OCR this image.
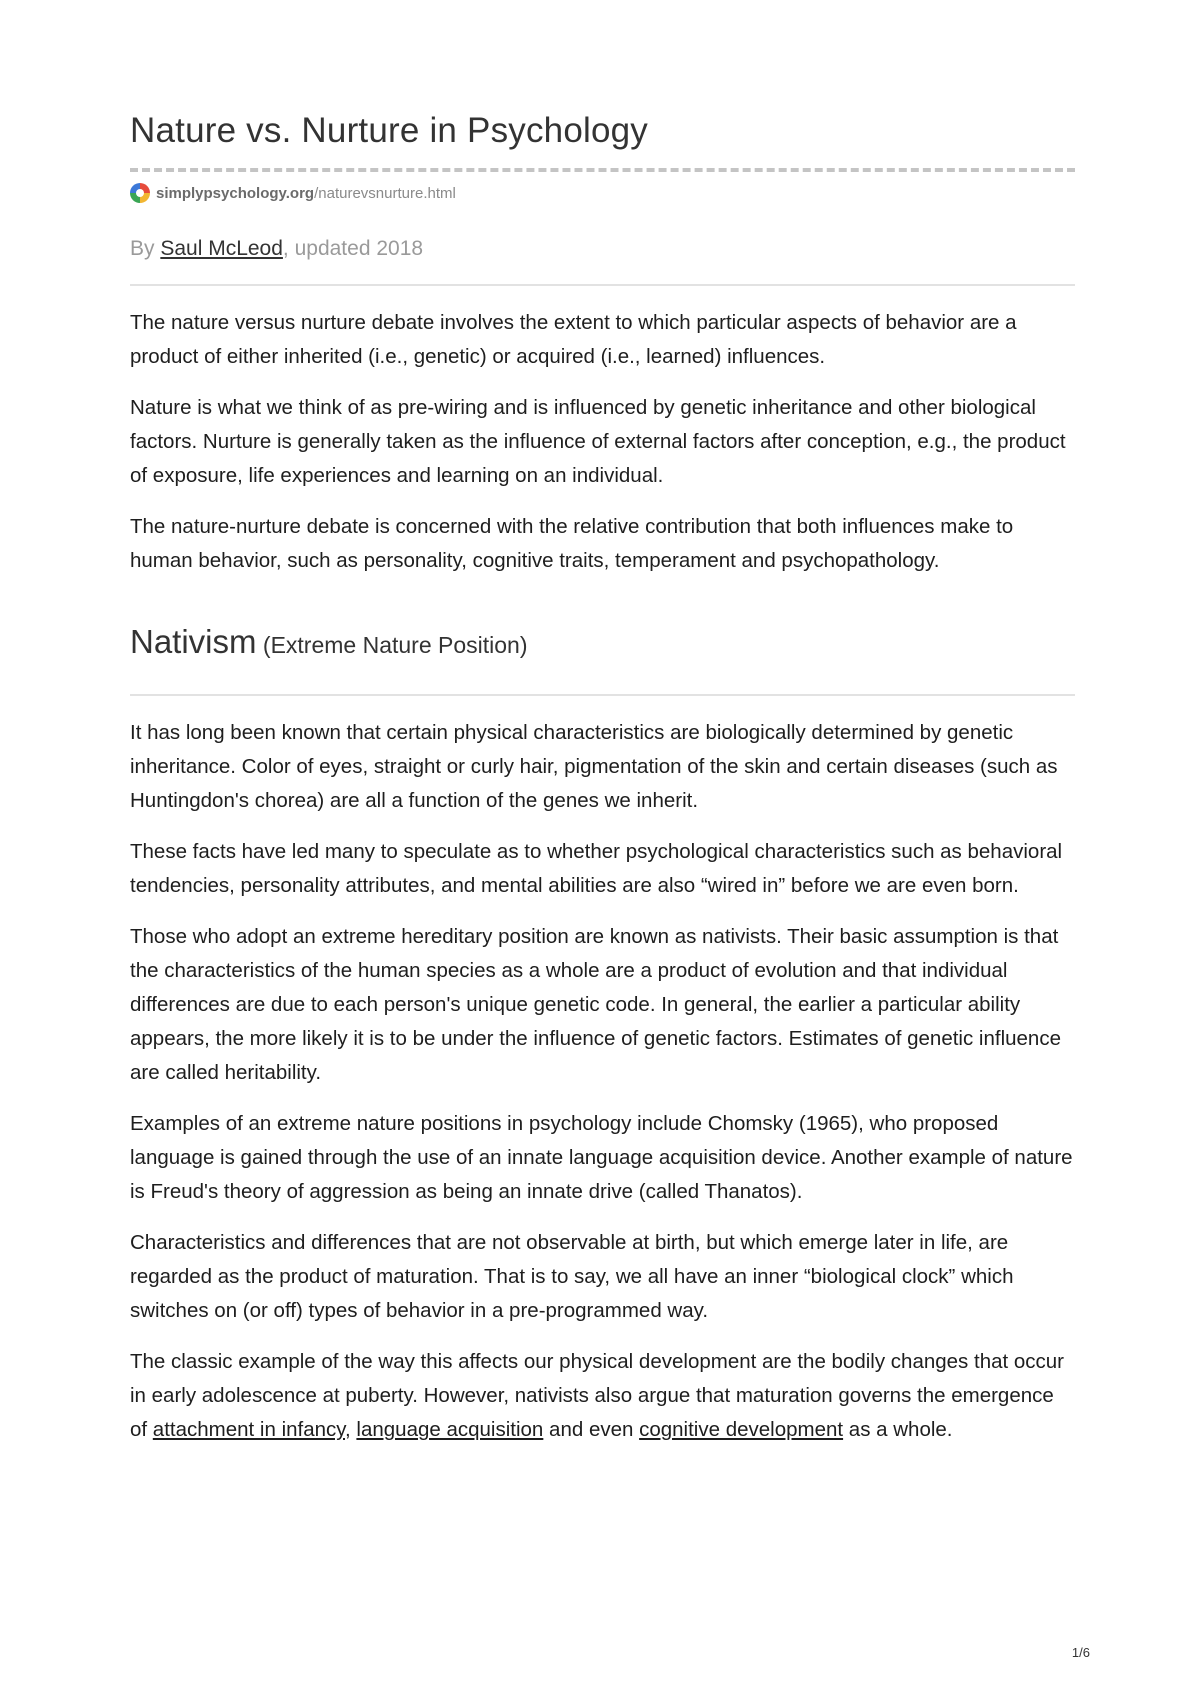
Nature vs. Nurture in Psychology
simplypsychology.org /naturevsnurture.html
By Saul McLeod, updated 2018

The nature versus nurture debate involves the extent to which particular aspects of behavior are a product of either inherited (i.e., genetic) or acquired (i.e., learned) influences.

Nature is what we think of as pre-wiring and is influenced by genetic inheritance and other biological factors. Nurture is generally taken as the influence of external factors after conception, e.g., the product of exposure, life experiences and learning on an individual.

The nature-nurture debate is concerned with the relative contribution that both influences make to human behavior, such as personality, cognitive traits, temperament and psychopathology.

Nativism (Extreme Nature Position)

It has long been known that certain physical characteristics are biologically determined by genetic inheritance. Color of eyes, straight or curly hair, pigmentation of the skin and certain diseases (such as Huntingdon's chorea) are all a function of the genes we inherit.

These facts have led many to speculate as to whether psychological characteristics such as behavioral tendencies, personality attributes, and mental abilities are also “wired in” before we are even born.

Those who adopt an extreme hereditary position are known as nativists. Their basic assumption is that the characteristics of the human species as a whole are a product of evolution and that individual differences are due to each person's unique genetic code. In general, the earlier a particular ability appears, the more likely it is to be under the influence of genetic factors. Estimates of genetic influence are called heritability.

Examples of an extreme nature positions in psychology include Chomsky (1965), who proposed language is gained through the use of an innate language acquisition device. Another example of nature is Freud's theory of aggression as being an innate drive (called Thanatos).

Characteristics and differences that are not observable at birth, but which emerge later in life, are regarded as the product of maturation. That is to say, we all have an inner “biological clock” which switches on (or off) types of behavior in a pre-programmed way.

The classic example of the way this affects our physical development are the bodily changes that occur in early adolescence at puberty. However, nativists also argue that maturation governs the emergence of attachment in infancy, language acquisition and even cognitive development as a whole.

1/6
